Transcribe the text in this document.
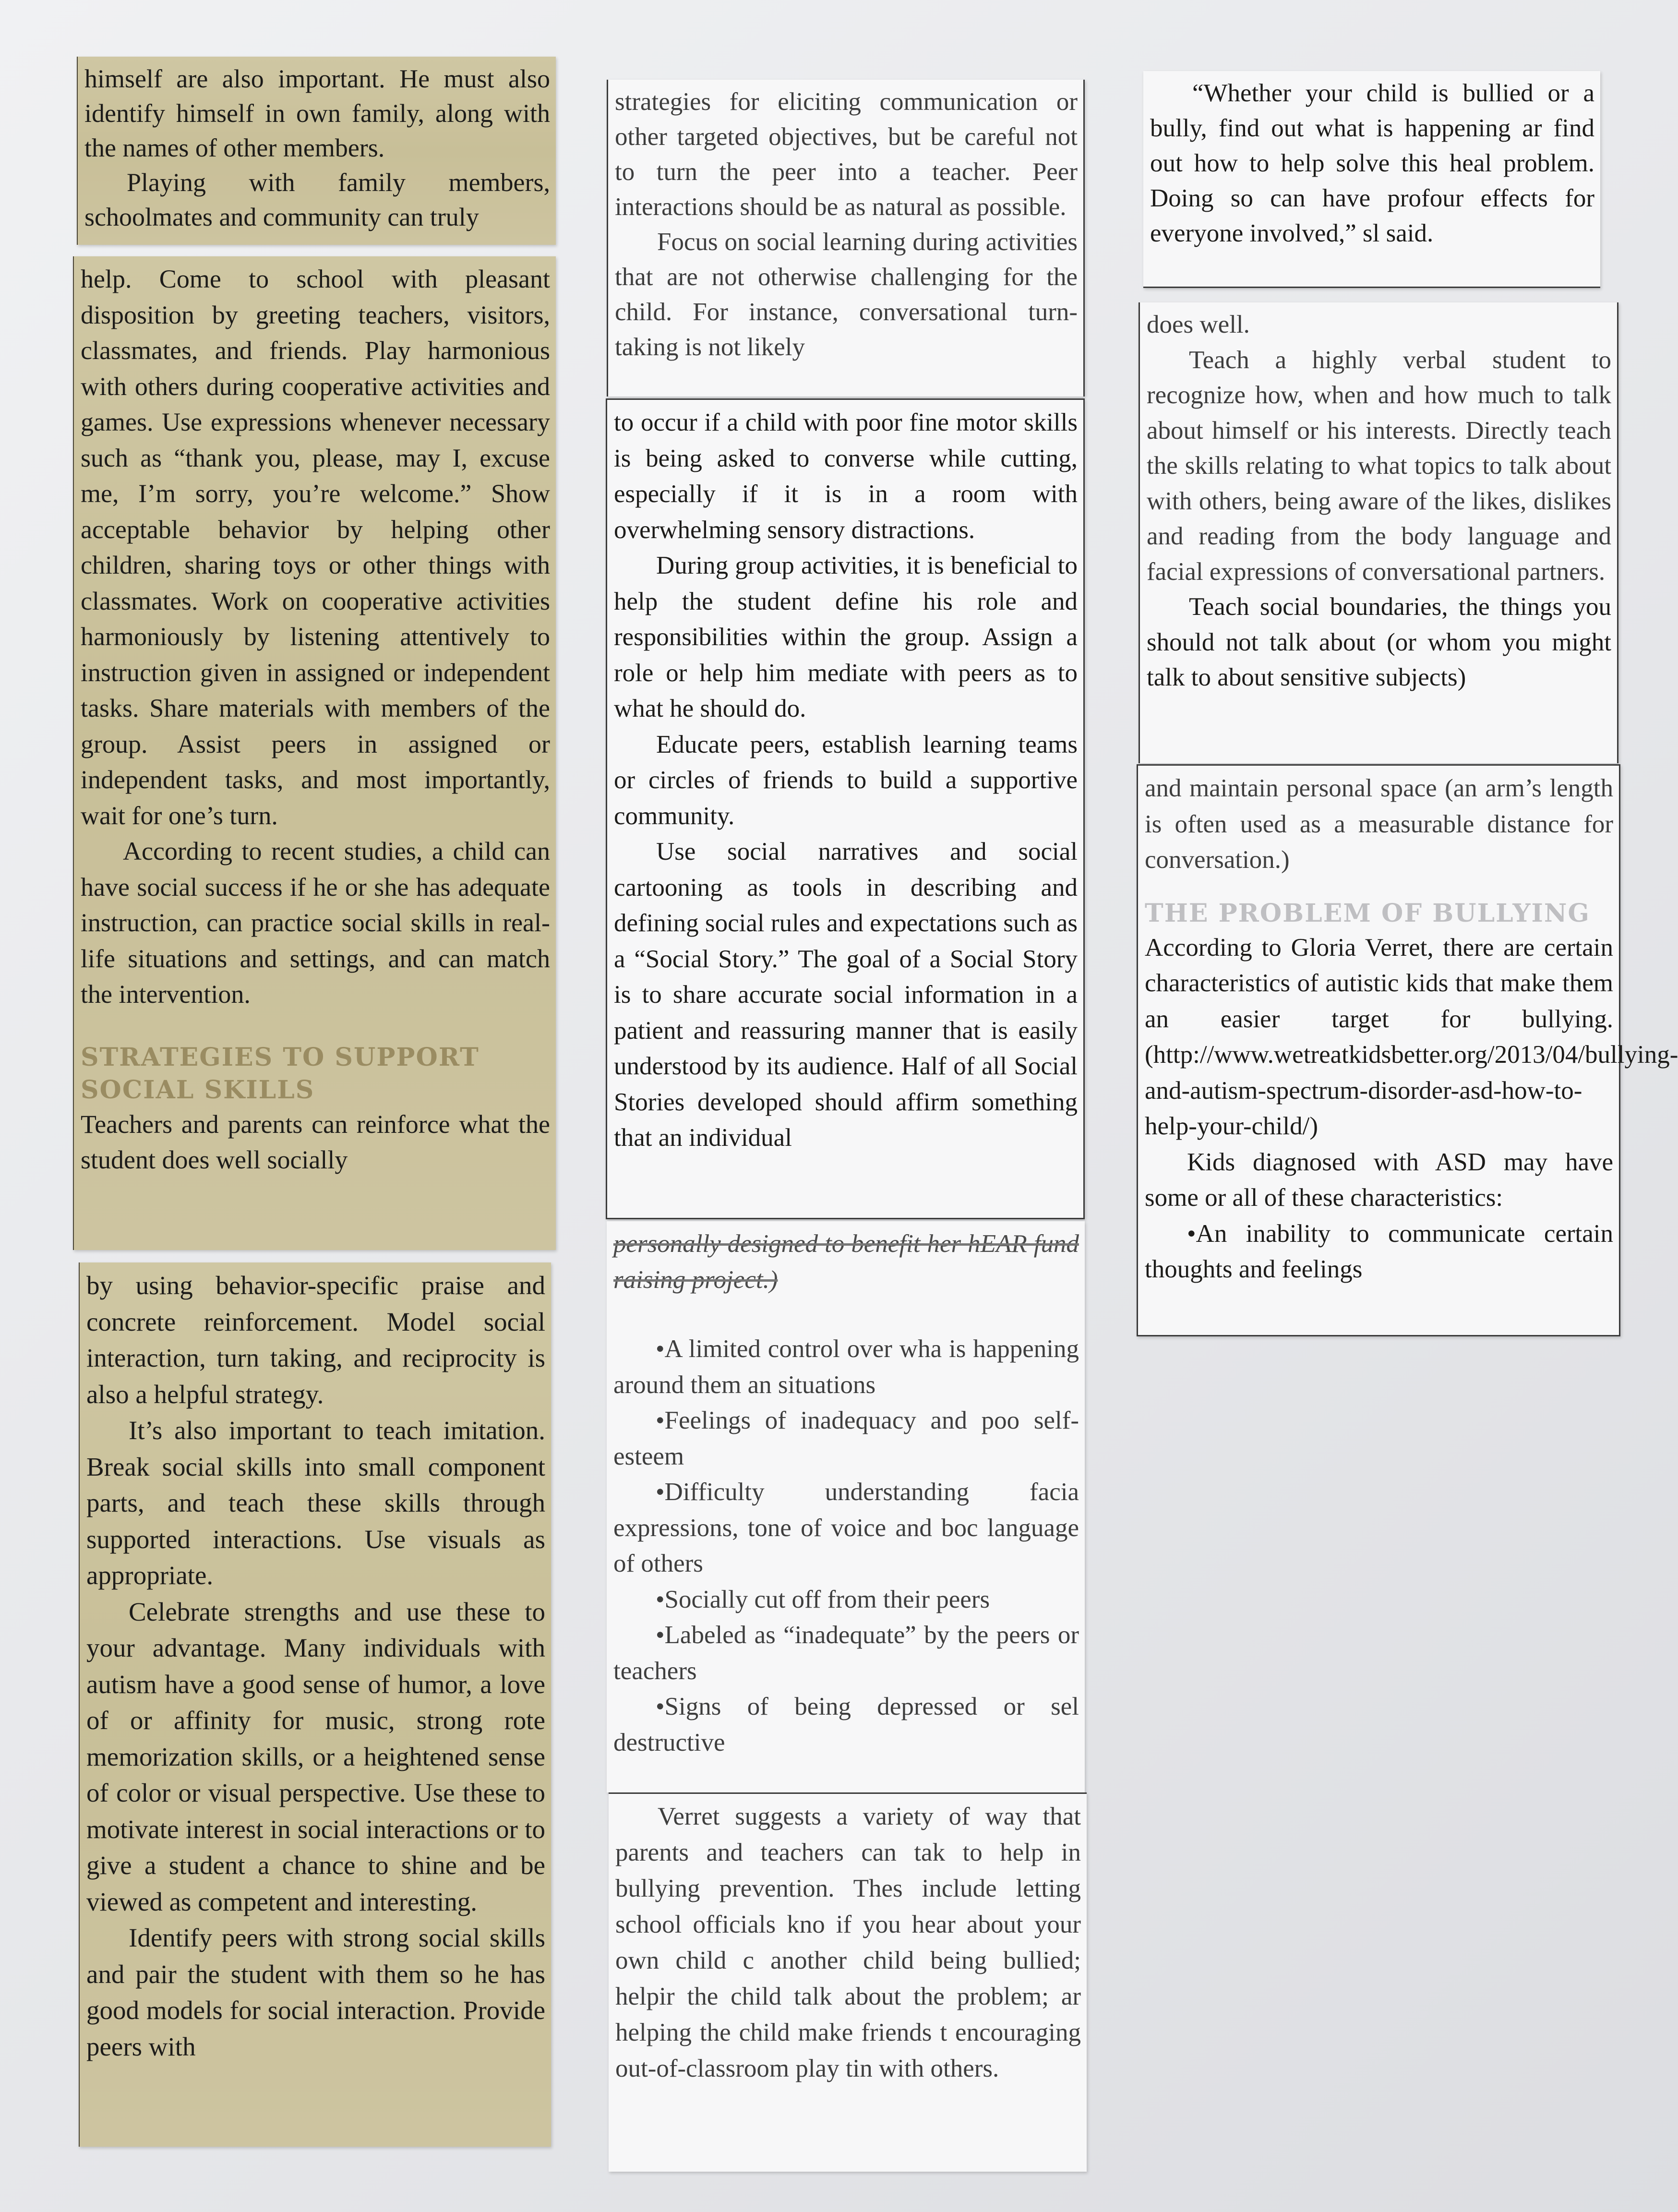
himself are also important. He must also identify himself in own family, along with the names of other members.

Playing with family members, schoolmates and community can truly

help. Come to school with pleasant disposition by greeting teachers, visitors, classmates, and friends. Play harmonious with others during cooperative activities and games. Use expressions whenever necessary such as “thank you, please, may I, excuse me, I’m sorry, you’re welcome.” Show acceptable behavior by helping other children, sharing toys or other things with classmates. Work on cooperative activities harmoniously by listening attentively to instruction given in assigned or independent tasks. Share materials with members of the group. Assist peers in assigned or independent tasks, and most importantly, wait for one’s turn.

According to recent studies, a child can have social success if he or she has adequate instruction, can practice social skills in real-life situations and settings, and can match the intervention.

STRATEGIES TO SUPPORT SOCIAL SKILLS

Teachers and parents can reinforce what the student does well socially

by using behavior-specific praise and concrete reinforcement. Model social interaction, turn taking, and reciprocity is also a helpful strategy.

It’s also important to teach imitation. Break social skills into small component parts, and teach these skills through supported interactions. Use visuals as appropriate.

Celebrate strengths and use these to your advantage. Many individuals with autism have a good sense of humor, a love of or affinity for music, strong rote memorization skills, or a heightened sense of color or visual perspective. Use these to motivate interest in social interactions or to give a student a chance to shine and be viewed as competent and interesting.

Identify peers with strong social skills and pair the student with them so he has good models for social interaction. Provide peers with

strategies for eliciting communication or other targeted objectives, but be careful not to turn the peer into a teacher. Peer interactions should be as natural as possible.

Focus on social learning during activities that are not otherwise challenging for the child. For instance, conversational turn-taking is not likely

to occur if a child with poor fine motor skills is being asked to converse while cutting, especially if it is in a room with overwhelming sensory distractions.

During group activities, it is beneficial to help the student define his role and responsibilities within the group. Assign a role or help him mediate with peers as to what he should do.

Educate peers, establish learning teams or circles of friends to build a supportive community.

Use social narratives and social cartooning as tools in describing and defining social rules and expectations such as a “Social Story.” The goal of a Social Story is to share accurate social information in a patient and reassuring manner that is easily understood by its audience. Half of all Social Stories developed should affirm something that an individual

personally designed to benefit her hEAR fund raising project.)

•A limited control over wha is happening around them an situations

•Feelings of inadequacy and poo self-esteem

•Difficulty understanding facia expressions, tone of voice and boc language of others

•Socially cut off from their peers

•Labeled as “inadequate” by the peers or teachers

•Signs of being depressed or sel destructive

Verret suggests a variety of way that parents and teachers can tak to help in bullying prevention. Thes include letting school officials kno if you hear about your own child c another child being bullied; helpir the child talk about the problem; ar helping the child make friends t encouraging out-of-classroom play tin with others.

“Whether your child is bullied or a bully, find out what is happening ar find out how to help solve this heal problem. Doing so can have profour effects for everyone involved,” sl said.

does well.

Teach a highly verbal student to recognize how, when and how much to talk about himself or his interests. Directly teach the skills relating to what topics to talk about with others, being aware of the likes, dislikes and reading from the body language and facial expressions of conversational partners.

Teach social boundaries, the things you should not talk about (or whom you might talk to about sensitive subjects)

and maintain personal space (an arm’s length is often used as a measurable distance for conversation.)

THE PROBLEM OF BULLYING

According to Gloria Verret, there are certain characteristics of autistic kids that make them an easier target for bullying. (http://www.wetreatkidsbetter.org/2013/04/bullying-and-autism-spectrum-disorder-asd-how-to-help-your-child/)

Kids diagnosed with ASD may have some or all of these characteristics:

•An inability to communicate certain thoughts and feelings
